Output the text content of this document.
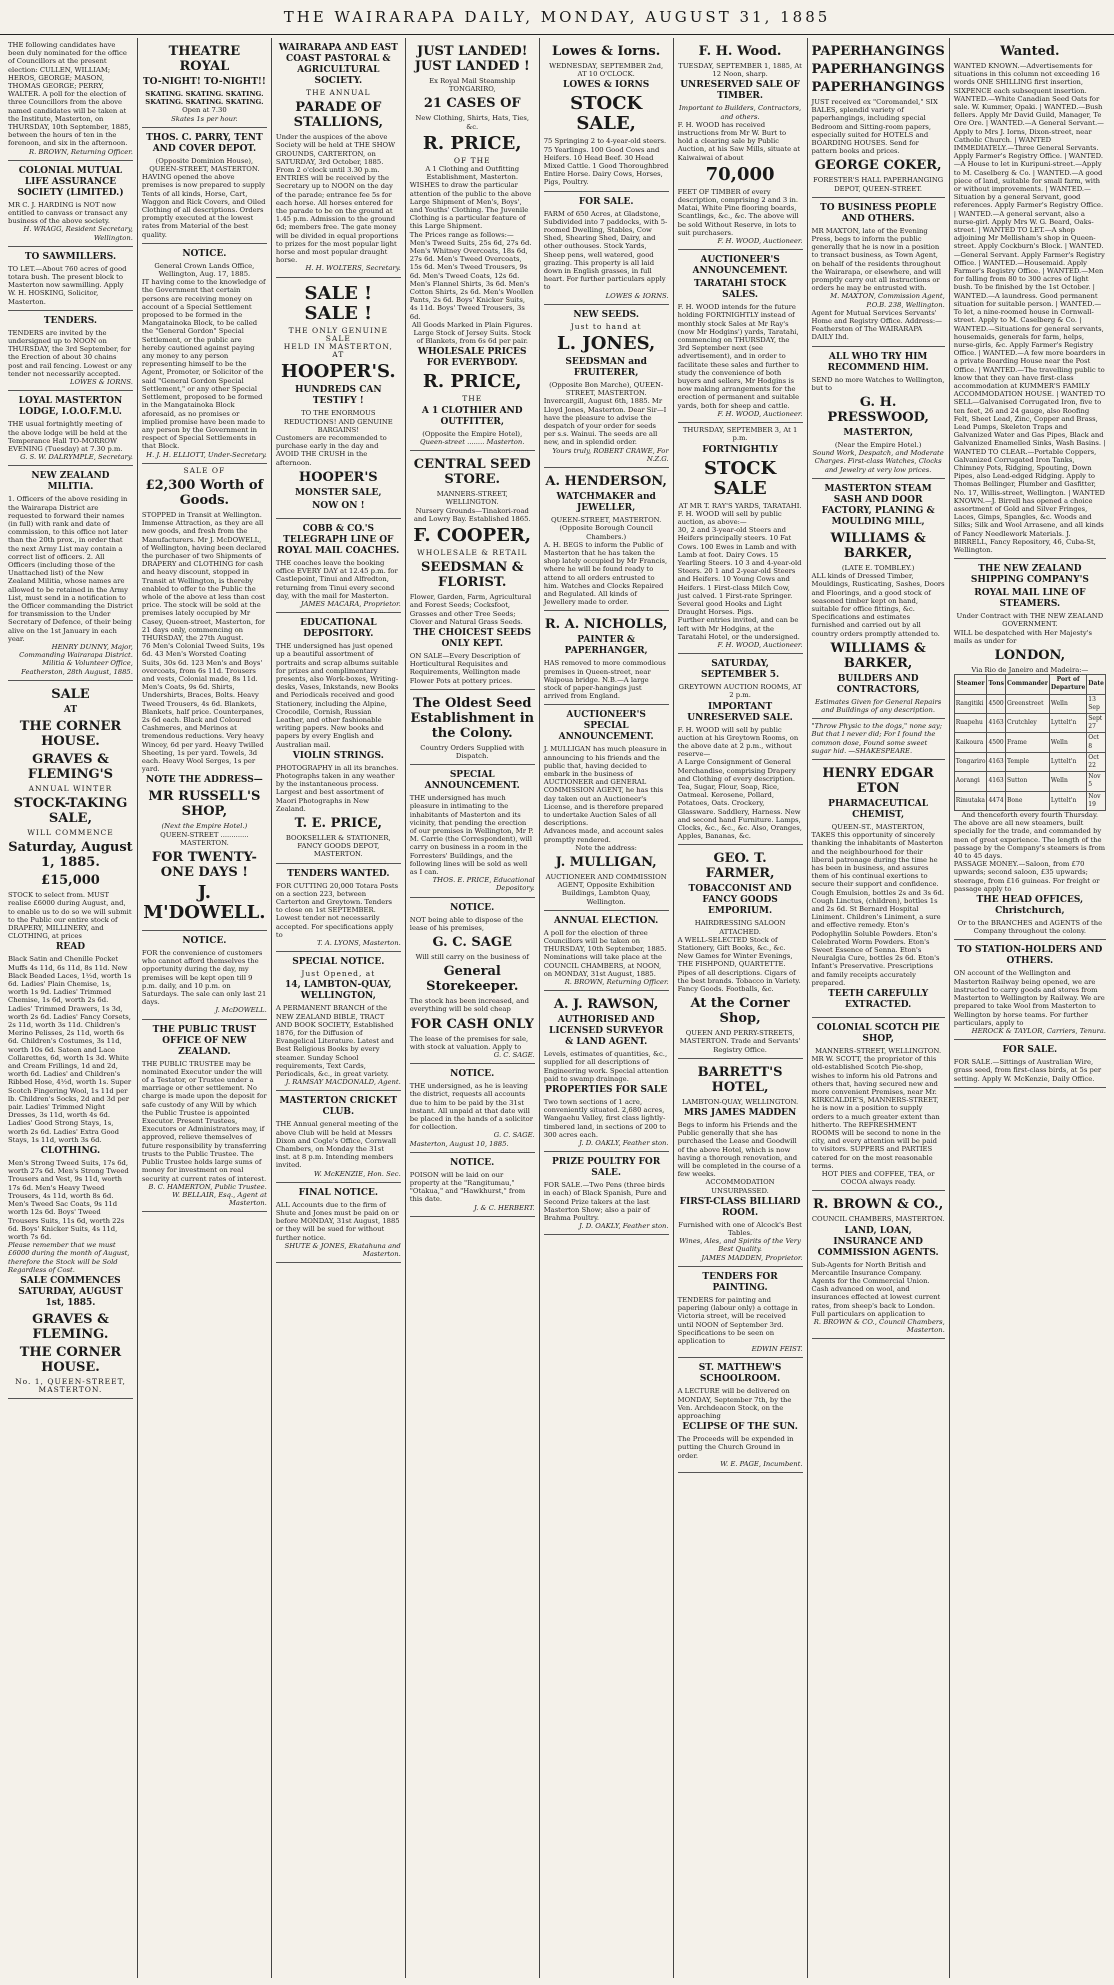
THE WAIRARAPA DAILY, MONDAY, AUGUST 31, 1885
THE following candidates have been duly nominated for the office of Councillors at the present election: CULLEN, WILLIAM; HEROS, GEORGE; MASON, THOMAS GEORGE; PERRY, WALTER. A poll for the election of three Councillors from the above named candidates will be taken at the Institute, Masterton, on THURSDAY, 10th September, 1885, between the hours of ten in the forenoon, and six in the afternoon.
R. BROWN, Returning Officer.
COLONIAL MUTUAL LIFE ASSURANCE SOCIETY (LIMITED.)
MR C. J. HARDING is NOT now entitled to canvass or transact any business of the above society.
H. WRAGG, Resident Secretary, Wellington.
TO SAWMILLERS.
TO LET.—About 760 acres of good totara bush. The present block to Masterton now sawmilling. Apply W. H. HOSKING, Solicitor, Masterton.
TENDERS.
TENDERS are invited by the undersigned up to NOON on THURSDAY, the 3rd September, for the Erection of about 30 chains post and rail fencing. Lowest or any tender not necessarily accepted.
LOWES & IORNS.
LOYAL MASTERTON LODGE, I.O.O.F.M.U.
THE usual fortnightly meeting of the above lodge will be held at the Temperance Hall TO-MORROW EVENING (Tuesday) at 7.30 p.m.
G. S. W. DALRYMPLE, Secretary.
NEW ZEALAND MILITIA.
1. Officers of the above residing in the Wairarapa District are requested to forward their names (in full) with rank and date of commission, to this office not later than the 20th prox., in order that the next Army List may contain a correct list of officers. 2. All Officers (including those of the Unattached list) of the New Zealand Militia, whose names are allowed to be retained in the Army List, must send in a notification to the Officer commanding the District for transmission to the Under Secretary of Defence, of their being alive on the 1st January in each year.
HENRY DUNNY, Major, Commanding Wairarapa District. Militia & Volunteer Office, Featherston, 28th August, 1885.
SALE
AT
THE CORNER HOUSE.
GRAVES & FLEMING'S
ANNUAL WINTER
STOCK-TAKING SALE,
WILL COMMENCE
Saturday, August 1, 1885.
£15,000
STOCK to select from. MUST realise £6000 during August, and, to enable us to do so we will submit to the Public our entire stock of DRAPERY, MILLINERY, and CLOTHING, at prices
READ
Black Satin and Chenille Pocket Muffs 4s 11d, 6s 11d, 8s 11d. New Black Beaded Laces, 1½d, worth 1s 6d. Ladies' Plain Chemise, 1s, worth 1s 9d. Ladies' Trimmed Chemise, 1s 6d, worth 2s 6d. Ladies' Trimmed Drawers, 1s 3d, worth 2s 6d. Ladies' Fancy Corsets, 2s 11d, worth 3s 11d. Children's Merino Pelisses, 2s 11d, worth 6s 6d. Children's Costumes, 3s 11d, worth 10s 6d. Sateen and Lace Collarettes, 6d, worth 1s 3d. White and Cream Frillings, 1d and 2d, worth 6d. Ladies' and Children's Ribbed Hose, 4½d, worth 1s. Super Scotch Fingering Wool, 1s 11d per lb. Children's Socks, 2d and 3d per pair. Ladies' Trimmed Night Dresses, 3s 11d, worth 4s 6d. Ladies' Good Strong Stays, 1s, worth 2s 6d. Ladies' Extra Good Stays, 1s 11d, worth 3s 6d.
CLOTHING.
Men's Strong Tweed Suits, 17s 6d, worth 27s 6d. Men's Strong Tweed Trousers and Vest, 9s 11d, worth 17s 6d. Men's Heavy Tweed Trousers, 4s 11d, worth 8s 6d. Men's Tweed Sac Coats, 9s 11d worth 12s 6d. Boys' Tweed Trousers Suits, 11s 6d, worth 22s 6d. Boys' Knicker Suits, 4s 11d, worth 7s 6d.
Please remember that we must £6000 during the month of August, therefore the Stock will be Sold Regardless of Cost.
SALE COMMENCES SATURDAY, AUGUST 1st, 1885.
GRAVES & FLEMING.
THE CORNER HOUSE.
No. 1, QUEEN-STREET, MASTERTON.
THEATRE ROYAL
TO-NIGHT! TO-NIGHT!!
SKATING. SKATING. SKATING. SKATING. SKATING. SKATING.
Open at 7.30
Skates 1s per hour.
THOS. C. PARRY, TENT AND COVER DEPOT.
(Opposite Dominion House), QUEEN-STREET, MASTERTON.
HAVING opened the above premises is now prepared to supply Tents of all kinds, Horse, Cart, Waggon and Rick Covers, and Oiled Clothing of all descriptions. Orders promptly executed at the lowest rates from Material of the best quality.
NOTICE.
General Crown Lands Office, Wellington, Aug. 17, 1885.
IT having come to the knowledge of the Government that certain persons are receiving money on account of a Special Settlement proposed to be formed in the Mangatainoka Block, to be called the "General Gordon" Special Settlement, or the public are hereby cautioned against paying any money to any person representing himself to be the Agent, Promoter, or Solicitor of the said "General Gordon Special Settlement," or any other Special Settlement, proposed to be formed in the Mangatainoka Block aforesaid, as no promises or implied promise have been made to any person by the Government in respect of Special Settlements in that Block.
H. J. H. ELLIOTT, Under-Secretary.
SALE OF
£2,300 Worth of Goods.
STOPPED in Transit at Wellington. Immense Attraction, as they are all new goods, and fresh from the Manufacturers. Mr J. McDOWELL, of Wellington, having been declared the purchaser of two Shipments of DRAPERY and CLOTHING for cash and heavy discount, stopped in Transit at Wellington, is thereby enabled to offer to the Public the whole of the above at less than cost price. The stock will be sold at the premises lately occupied by Mr Casey, Queen-street, Masterton, for 21 days only, commencing on THURSDAY, the 27th August.
76 Men's Colonial Tweed Suits, 19s 6d. 43 Men's Worsted Coating Suits, 30s 6d. 123 Men's and Boys' overcoats, from 6s 11d. Trousers and vests, Colonial made, 8s 11d. Men's Coats, 9s 6d. Shirts, Undershirts, Braces, Bolts. Heavy Tweed Trousers, 4s 6d. Blankets, Blankets, half price. Counterpanes, 2s 6d each. Black and Coloured Cashmeres, and Merinos at tremendous reductions. Very heavy Wincey, 6d per yard. Heavy Twilled Sheeting, 1s per yard. Towels, 3d each. Heavy Wool Serges, 1s per yard.
NOTE THE ADDRESS—
MR RUSSELL'S SHOP,
(Next the Empire Hotel.)
QUEEN-STREET ............. MASTERTON.
FOR TWENTY-ONE DAYS !
J. M'DOWELL.
NOTICE.
FOR the convenience of customers who cannot afford themselves the opportunity during the day, my premises will be kept open till 9 p.m. daily, and 10 p.m. on Saturdays. The sale can only last 21 days.
J. McDOWELL.
THE PUBLIC TRUST OFFICE OF NEW ZEALAND.
THE PUBLIC TRUSTEE may be nominated Executor under the will of a Testator, or Trustee under a marriage or other settlement. No charge is made upon the deposit for safe custody of any Will by which the Public Trustee is appointed Executor. Present Trustees, Executors or Administrators may, if approved, relieve themselves of future responsibility by transferring trusts to the Public Trustee. The Public Trustee holds large sums of money for investment on real security at current rates of interest.
B. C. HAMERTON, Public Trustee.
W. BELLAIR, Esq., Agent at Masterton.
WAIRARAPA AND EAST COAST PASTORAL & AGRICULTURAL SOCIETY.
THE ANNUAL
PARADE OF STALLIONS,
Under the auspices of the above Society will be held at THE SHOW GROUNDS, CARTERTON, on SATURDAY, 3rd October, 1885. From 2 o'clock until 3.30 p.m.
ENTRIES will be received by the Secretary up to NOON on the day of the parade; entrance fee 5s for each horse. All horses entered for the parade to be on the ground at 1.45 p.m. Admission to the ground 6d; members free. The gate money will be divided in equal proportions to prizes for the most popular light horse and most popular draught horse.
H. H. WOLTERS, Secretary.
SALE ! SALE !
THE ONLY GENUINE
SALE
HELD IN MASTERTON,
AT
HOOPER'S.
HUNDREDS CAN TESTIFY !
TO THE ENORMOUS REDUCTIONS! AND GENUINE BARGAINS!
Customers are recommended to purchase early in the day and AVOID THE CRUSH in the afternoon.
HOOPER'S
MONSTER SALE,
NOW ON !
COBB & CO.'S TELEGRAPH LINE OF ROYAL MAIL COACHES.
THE coaches leave the booking office EVERY DAY at 12.45 p.m. for Castlepoint, Tinui and Alfredton, returning from Tinui every second day, with the mail for Masterton.
JAMES MACARA, Proprietor.
EDUCATIONAL DEPOSITORY.
THE undersigned has just opened up a beautiful assortment of portraits and scrap albums suitable for prizes and complimentary presents, also Work-boxes, Writing-desks, Vases, Inkstands, new Books and Periodicals received and good Stationery, including the Alpine, Crocodile, Cornish, Russian Leather, and other fashionable writing papers. New books and papers by every English and Australian mail.
VIOLIN STRINGS.
PHOTOGRAPHY in all its branches. Photographs taken in any weather by the instantaneous process. Largest and best assortment of Maori Photographs in New Zealand.
T. E. PRICE,
BOOKSELLER & STATIONER, FANCY GOODS DEPOT, MASTERTON.
TENDERS WANTED.
FOR CUTTING 20,000 Totara Posts on a section 223, between Carterton and Greytown. Tenders to close on 1st SEPTEMBER. Lowest tender not necessarily accepted. For specifications apply to
T. A. LYONS, Masterton.
SPECIAL NOTICE.
Just Opened, at
14, LAMBTON-QUAY, WELLINGTON,
A PERMANENT BRANCH of the NEW ZEALAND BIBLE, TRACT AND BOOK SOCIETY, Established 1876, for the Diffusion of Evangelical Literature. Latest and Best Religious Books by every steamer. Sunday School requirements, Text Cards, Periodicals, &c., in great variety.
J. RAMSAY MACDONALD, Agent.
MASTERTON CRICKET CLUB.
THE Annual general meeting of the above Club will be held at Messrs Dixon and Cogle's Office, Cornwall Chambers, on Monday the 31st inst. at 8 p.m. Intending members invited.
W. McKENZIE, Hon. Sec.
FINAL NOTICE.
ALL Accounts due to the firm of Shute and Jones must be paid on or before MONDAY, 31st August, 1885 or they will be sued for without further notice.
SHUTE & JONES, Ekatahuna and Masterton.
JUST LANDED! JUST LANDED !
Ex Royal Mail Steamship TONGARIRO,
21 CASES OF
New Clothing, Shirts, Hats, Ties, &c.
R. PRICE,
OF THE
A 1 Clothing and Outfitting Establishment, Masterton.
WISHES to draw the particular attention of the public to the above Large Shipment of Men's, Boys', and Youths' Clothing. The Juvenile Clothing is a particular feature of this Large Shipment.
The Prices range as follows:— Men's Tweed Suits, 25s 6d, 27s 6d. Men's Whitney Overcoats, 18s 6d, 27s 6d. Men's Tweed Overcoats, 15s 6d. Men's Tweed Trousers, 9s 6d. Men's Tweed Coats, 12s 6d. Men's Flannel Shirts, 3s 6d. Men's Cotton Shirts, 2s 6d. Men's Woollen Pants, 2s 6d. Boys' Knicker Suits, 4s 11d. Boys' Tweed Trousers, 3s 6d.
All Goods Marked in Plain Figures. Large Stock of Jersey Suits. Stock of Blankets, from 6s 6d per pair.
WHOLESALE PRICES FOR EVERYBODY.
R. PRICE,
THE
A 1 CLOTHIER AND OUTFITTER,
(Opposite the Empire Hotel),
Queen-street ........ Masterton.
CENTRAL SEED STORE.
MANNERS-STREET, WELLINGTON.
Nursery Grounds—Tinakori-road and Lowry Bay. Established 1865.
F. COOPER,
WHOLESALE & RETAIL
SEEDSMAN & FLORIST.
Flower, Garden, Farm, Agricultural and Forest Seeds; Cocksfoot, Grasses and other Tree Seeds; Clover and Natural Grass Seeds.
THE CHOICEST SEEDS ONLY KEPT.
ON SALE—Every Description of Horticultural Requisites and Requirements, Wellington made Flower Pots at pottery prices.
The Oldest Seed Establishment in the Colony.
Country Orders Supplied with Dispatch.
SPECIAL ANNOUNCEMENT.
THE undersigned has much pleasure in intimating to the inhabitants of Masterton and its vicinity, that pending the erection of our premises in Wellington, Mr P. M. Carrie (the Correspondent), will carry on business in a room in the Forresters' Buildings, and the following lines will be sold as well as I can.
THOS. E. PRICE, Educational Depository.
NOTICE.
NOT being able to dispose of the lease of his premises,
G. C. SAGE
Will still carry on the business of
General Storekeeper.
The stock has been increased, and everything will be sold cheap
FOR CASH ONLY
The lease of the premises for sale, with stock at valuation. Apply to
G. C. SAGE.
NOTICE.
THE undersigned, as he is leaving the district, requests all accounts due to him to be paid by the 31st instant. All unpaid at that date will be placed in the hands of a solicitor for collection.
G. C. SAGE.
Masterton, August 10, 1885.
NOTICE.
POISON will be laid on our property at the "Rangitumau," "Otakua," and "Hawkhurst," from this date.
J. & C. HERBERT.
Lowes & Iorns.
WEDNESDAY, SEPTEMBER 2nd, AT 10 O'CLOCK.
LOWES & IORNS
STOCK SALE,
75 Springing 2 to 4-year-old steers. 75 Yearlings. 100 Good Cows and Heifers. 10 Head Beef. 30 Head Mixed Cattle. 1 Good Thoroughbred Entire Horse. Dairy Cows, Horses, Pigs, Poultry.
FOR SALE.
FARM of 650 Acres, at Gladstone, Subdivided into 7 paddocks, with 5-roomed Dwelling, Stables, Cow Shed, Shearing Shed, Dairy, and other outhouses. Stock Yards, Sheep pens, well watered, good grazing. This property is all laid down in English grasses, in full heart. For further particulars apply to
LOWES & IORNS.
NEW SEEDS.
Just to hand at
L. JONES,
SEEDSMAN and FRUITERER,
(Opposite Bon Marche), QUEEN-STREET, MASTERTON.
Invercargill, August 6th, 1885. Mr Lloyd Jones, Masterton. Dear Sir—I have the pleasure to advise the despatch of your order for seeds per s.s. Wainui. The seeds are all new, and in splendid order.
Yours truly, ROBERT CRAWE, For N.Z.G.
A. HENDERSON,
WATCHMAKER and JEWELLER,
QUEEN-STREET, MASTERTON. (Opposite Borough Council Chambers.)
A. H. BEGS to inform the Public of Masterton that he has taken the shop lately occupied by Mr Francis, where he will be found ready to attend to all orders entrusted to him. Watches and Clocks Repaired and Regulated. All kinds of Jewellery made to order.
R. A. NICHOLLS,
PAINTER & PAPERHANGER,
HAS removed to more commodious premises in Queen-street, near Waipoua bridge. N.B.—A large stock of paper-hangings just arrived from England.
AUCTIONEER'S SPECIAL ANNOUNCEMENT.
J. MULLIGAN has much pleasure in announcing to his friends and the public that, having decided to embark in the business of AUCTIONEER and GENERAL COMMISSION AGENT, he has this day taken out an Auctioneer's License, and is therefore prepared to undertake Auction Sales of all descriptions.
Advances made, and account sales promptly rendered.
Note the address:
J. MULLIGAN,
AUCTIONEER AND COMMISSION AGENT, Opposite Exhibition Buildings, Lambton Quay, Wellington.
ANNUAL ELECTION.
A poll for the election of three Councillors will be taken on THURSDAY, 10th September, 1885. Nominations will take place at the COUNCIL CHAMBERS, at NOON, on MONDAY, 31st August, 1885.
R. BROWN, Returning Officer.
A. J. RAWSON,
AUTHORISED AND LICENSED SURVEYOR & LAND AGENT.
Levels, estimates of quantities, &c., supplied for all descriptions of Engineering work. Special attention paid to swamp drainage.
PROPERTIES FOR SALE
Two town sections of 1 acre, conveniently situated. 2,680 acres, Wangaehu Valley, first class lightly-timbered land, in sections of 200 to 300 acres each.
J. D. OAKLY, Feather ston.
PRIZE POULTRY FOR SALE.
FOR SALE.—Two Pens (three birds in each) of Black Spanish, Pure and Second Prize takers at the last Masterton Show; also a pair of Brahma Poultry.
J. D. OAKLY, Feather ston.
F. H. Wood.
TUESDAY, SEPTEMBER 1, 1885, At 12 Noon, sharp.
UNRESERVED SALE OF TIMBER.
Important to Builders, Contractors, and others.
F. H. WOOD has received instructions from Mr W. Burt to hold a clearing sale by Public Auction, at his Saw Mills, situate at Kaiwaiwai of about
70,000
FEET OF TIMBER of every description, comprising 2 and 3 in. Matai, White Pine flooring boards, Scantlings, &c., &c. The above will be sold Without Reserve, in lots to suit purchasers.
F. H. WOOD, Auctioneer.
AUCTIONEER'S ANNOUNCEMENT.
TARATAHI STOCK SALES.
F. H. WOOD intends for the future holding FORTNIGHTLY instead of monthly stock Sales at Mr Ray's (now Mr Hodgins') yards, Taratahi, commencing on THURSDAY, the 3rd September next (see advertisement), and in order to facilitate these sales and further to study the convenience of both buyers and sellers, Mr Hodgins is now making arrangements for the erection of permanent and suitable yards, both for sheep and cattle.
F. H. WOOD, Auctioneer.
THURSDAY, SEPTEMBER 3, At 1 p.m.
FORTNIGHTLY
STOCK SALE
AT MR T. RAY'S YARDS, TARATAHI.
F. H. WOOD will sell by public auction, as above:—
30, 2 and 3-year-old Steers and Heifers principally steers. 10 Fat Cows. 100 Ewes in Lamb and with Lamb at foot. Dairy Cows. 15 Yearling Steers. 10 3 and 4-year-old Steers. 20 1 and 2-year-old Steers and Heifers. 10 Young Cows and Heifers. 1 First-class Milch Cow, just calved. 1 First-rate Springer. Several good Hooks and Light Draught Horses. Pigs.
Further entries invited, and can be left with Mr Hodgins, at the Taratahi Hotel, or the undersigned.
F. H. WOOD, Auctioneer.
SATURDAY, SEPTEMBER 5.
GREYTOWN AUCTION ROOMS, AT 2 p.m.
IMPORTANT UNRESERVED SALE.
F. H. WOOD will sell by public auction at his Greytown Rooms, on the above date at 2 p.m., without reserve—
A Large Consignment of General Merchandise, comprising Drapery and Clothing of every description. Tea, Sugar, Flour, Soap, Rice, Oatmeal. Kerosene, Pollard, Potatoes, Oats. Crockery, Glassware. Saddlery, Harness. New and second hand Furniture. Lamps, Clocks, &c., &c., &c. Also, Oranges, Apples, Bananas, &c.
GEO. T. FARMER,
TOBACCONIST AND FANCY GOODS EMPORIUM.
HAIRDRESSING SALOON ATTACHED.
A WELL-SELECTED Stock of Stationery, Gift Books, &c., &c. New Games for Winter Evenings, THE FISHPOND, QUARTETTE. Pipes of all descriptions. Cigars of the best brands. Tobacco in Variety. Fancy Goods. Footballs, &c.
At the Corner Shop,
QUEEN AND PERRY-STREETS, MASTERTON. Trade and Servants' Registry Office.
BARRETT'S HOTEL,
LAMBTON-QUAY, WELLINGTON.
MRS JAMES MADDEN
Begs to inform his Friends and the Public generally that she has purchased the Lease and Goodwill of the above Hotel, which is now having a thorough renovation, and will be completed in the course of a few weeks.
ACCOMMODATION UNSURPASSED.
FIRST-CLASS BILLIARD ROOM.
Furnished with one of Alcock's Best Tables.
Wines, Ales, and Spirits of the Very Best Quality.
JAMES MADDEN, Proprietor.
TENDERS FOR PAINTING.
TENDERS for painting and papering (labour only) a cottage in Victoria street, will be received until NOON of September 3rd. Specifications to be seen on application to
EDWIN FEIST.
ST. MATTHEW'S SCHOOLROOM.
A LECTURE will be delivered on MONDAY, September 7th, by the Ven. Archdeacon Stock, on the approaching
ECLIPSE OF THE SUN.
The Proceeds will be expended in putting the Church Ground in order.
W. E. PAGE, Incumbent.
PAPERHANGINGS
PAPERHANGINGS
PAPERHANGINGS
JUST received ex "Coromandel," SIX BALES, splendid variety of paperhangings, including special Bedroom and Sitting-room papers, especially suited for HOTELS and BOARDING HOUSES. Send for pattern books and prices.
GEORGE COKER,
FORESTER'S HALL PAPERHANGING DEPOT, QUEEN-STREET.
TO BUSINESS PEOPLE AND OTHERS.
MR MAXTON, late of the Evening Press, begs to inform the public generally that he is now in a position to transact business, as Town Agent, on behalf of the residents throughout the Wairarapa, or elsewhere, and will promptly carry out all instructions or orders he may be entrusted with.
M. MAXTON, Commission Agent, P.O.B. 238, Wellington.
Agent for Mutual Services Servants' Home and Registry Office. Address:—Featherston of The WAIRARAPA DAILY Ihd.
ALL WHO TRY HIM RECOMMEND HIM.
SEND no more Watches to Wellington, but to
G. H. PRESSWOOD,
MASTERTON,
(Near the Empire Hotel.)
Sound Work, Despatch, and Moderate Charges. First-class Watches, Clocks and Jewelry at very low prices.
MASTERTON STEAM SASH AND DOOR FACTORY, PLANING & MOULDING MILL,
WILLIAMS & BARKER,
(LATE E. TOMBLEY.)
ALL kinds of Dressed Timber, Mouldings, Rusticating, Sashes, Doors and Floorings, and a good stock of seasoned timber kept on hand, suitable for office fittings, &c. Specifications and estimates furnished and carried out by all country orders promptly attended to.
WILLIAMS & BARKER,
BUILDERS AND CONTRACTORS,
Estimates Given for General Repairs and Buildings of any description.
"Throw Physic to the dogs," none say; But that I never did; For I found the common dose, Found some sweet sugar hid. —SHAKESPEARE.
HENRY EDGAR ETON
PHARMACEUTICAL CHEMIST,
QUEEN-ST., MASTERTON,
TAKES this opportunity of sincerely thanking the inhabitants of Masterton and the neighbourhood for their liberal patronage during the time he has been in business, and assures them of his continual exertions to secure their support and confidence.
Cough Emulsion, bottles 2s and 3s 6d. Cough Linctus, (children), bottles 1s and 2s 6d. St Bernard Hospital Liniment. Children's Liniment, a sure and effective remedy. Eton's Podophyllin Soluble Powders. Eton's Celebrated Worm Powders. Eton's Sweet Essence of Senna. Eton's Neuralgia Cure, bottles 2s 6d. Eton's Infant's Preservative. Prescriptions and family receipts accurately prepared.
TEETH CAREFULLY EXTRACTED.
COLONIAL SCOTCH PIE SHOP,
MANNERS-STREET, WELLINGTON.
MR W. SCOTT, the proprietor of this old-established Scotch Pie-shop, wishes to inform his old Patrons and others that, having secured new and more convenient Premises, near Mr. KIRKCALDIE'S, MANNERS-STREET, he is now in a position to supply orders to a much greater extent than hitherto. The REFRESHMENT ROOMS will be second to none in the city, and every attention will be paid to visitors. SUPPERS and PARTIES catered for on the most reasonable terms.
HOT PIES and COFFEE, TEA, or COCOA always ready.
R. BROWN & CO.,
COUNCIL CHAMBERS, MASTERTON.
LAND, LOAN, INSURANCE AND COMMISSION AGENTS.
Sub-Agents for North British and Mercantile Insurance Company. Agents for the Commercial Union. Cash advanced on wool, and insurances effected at lowest current rates, from sheep's back to London.
Full particulars on application to
R. BROWN & CO., Council Chambers, Masterton.
Wanted.
WANTED KNOWN.—Advertisements for situations in this column not exceeding 16 words ONE SHILLING first insertion, SIXPENCE each subsequent insertion.
WANTED.—White Canadian Seed Oats for sale. W. Kummer, Opaki. | WANTED.—Bush fellers. Apply Mr David Guild, Manager, Te Ore Ore. | WANTED.—A General Servant.—Apply to Mrs J. Iorns, Dixon-street, near Catholic Church. | WANTED IMMEDIATELY.—Three General Servants. Apply Farmer's Registry Office. | WANTED.—A House to let in Kuripuni-street.—Apply to M. Caselberg & Co. | WANTED.—A good piece of land, suitable for small farm, with or without improvements. | WANTED.—Situation by a general Servant, good references. Apply Farmer's Registry Office. | WANTED.—A general servant, also a nurse-girl. Apply Mrs W. G. Beard, Oaks-street. | WANTED TO LET.—A shop adjoining Mr Mellisham's shop in Queen-street. Apply Cockburn's Block. | WANTED.—General Servant. Apply Farmer's Registry Office. | WANTED.—Housemaid. Apply Farmer's Registry Office. | WANTED.—Men for falling from 80 to 300 acres of light bush. To be finished by the 1st October. | WANTED.—A laundress. Good permanent situation for suitable person. | WANTED.—To let, a nine-roomed house in Cornwall-street. Apply to M. Caselberg & Co. | WANTED.—Situations for general servants, housemaids, generals for farm, helps, nurse-girls, &c. Apply Farmer's Registry Office. | WANTED.—A few more boarders in a private Boarding House near the Post Office. | WANTED.—The travelling public to know that they can have first-class accommodation at KUMMER'S FAMILY ACCOMMODATION HOUSE. | WANTED TO SELL—Galvanised Corrugated Iron, five to ten feet, 26 and 24 gauge, also Roofing Felt, Sheet Lead, Zinc, Copper and Brass, Lead Pumps, Skeleton Traps and Galvanized Water and Gas Pipes, Black and Galvanized Enamelled Sinks, Wash Basins. | WANTED TO CLEAR.—Portable Coppers, Galvanized Corrugated Iron Tanks, Chimney Pots, Ridging, Spouting, Down Pipes, also Lead-edged Ridging. Apply to Thomas Bellinger, Plumber and Gasfitter, No. 17, Willis-street, Wellington. | WANTED KNOWN.—J. Birrell has opened a choice assortment of Gold and Silver Fringes, Laces, Gimps, Spangles, &c. Woods and Silks; Silk and Wool Arrasene, and all kinds of Fancy Needlework Materials. J. BIRRELL, Fancy Repository, 46, Cuba-St, Wellington.
THE NEW ZEALAND SHIPPING COMPANY'S
ROYAL MAIL LINE OF STEAMERS.
Under Contract with THE NEW ZEALAND GOVERNMENT.
WILL be despatched with Her Majesty's mails as under for
LONDON,
Via Rio de Janeiro and Madeira:—
Steamer	Tons	Commander	Port of Departure	Date
Rangitiki	4500	Greenstreet	Welln	13 Sep
Ruapehu	4163	Crutchley	Lyttelt'n	Sept 27
Kaikoura	4500	Frame	Welln	Oct 8
Tongariro	4163	Temple	Lyttelt'n	Oct 22
Aorangi	4163	Sutton	Welln	Nov 5
Rimutaka	4474	Bone	Lyttelt'n	Nov 19
And thenceforth every fourth Thursday.
The above are all new steamers, built specially for the trade, and commanded by men of great experience. The length of the passage by the Company's steamers is from 40 to 45 days.
PASSAGE MONEY.—Saloon, from £70 upwards; second saloon, £35 upwards; steerage, from £16 guineas. For freight or passage apply to
THE HEAD OFFICES, Christchurch,
Or to the BRANCHES and AGENTS of the Company throughout the colony.
TO STATION-HOLDERS AND OTHERS.
ON account of the Wellington and Masterton Railway being opened, we are instructed to carry goods and stores from Masterton to Wellington by Railway. We are prepared to take Wool from Masterton to Wellington by horse teams. For further particulars, apply to
HEROCK & TAYLOR, Carriers, Tenura.
FOR SALE.
FOR SALE.—Sittings of Australian Wire, grass seed, from first-class birds, at 5s per setting. Apply W. McKenzie, Daily Office.
